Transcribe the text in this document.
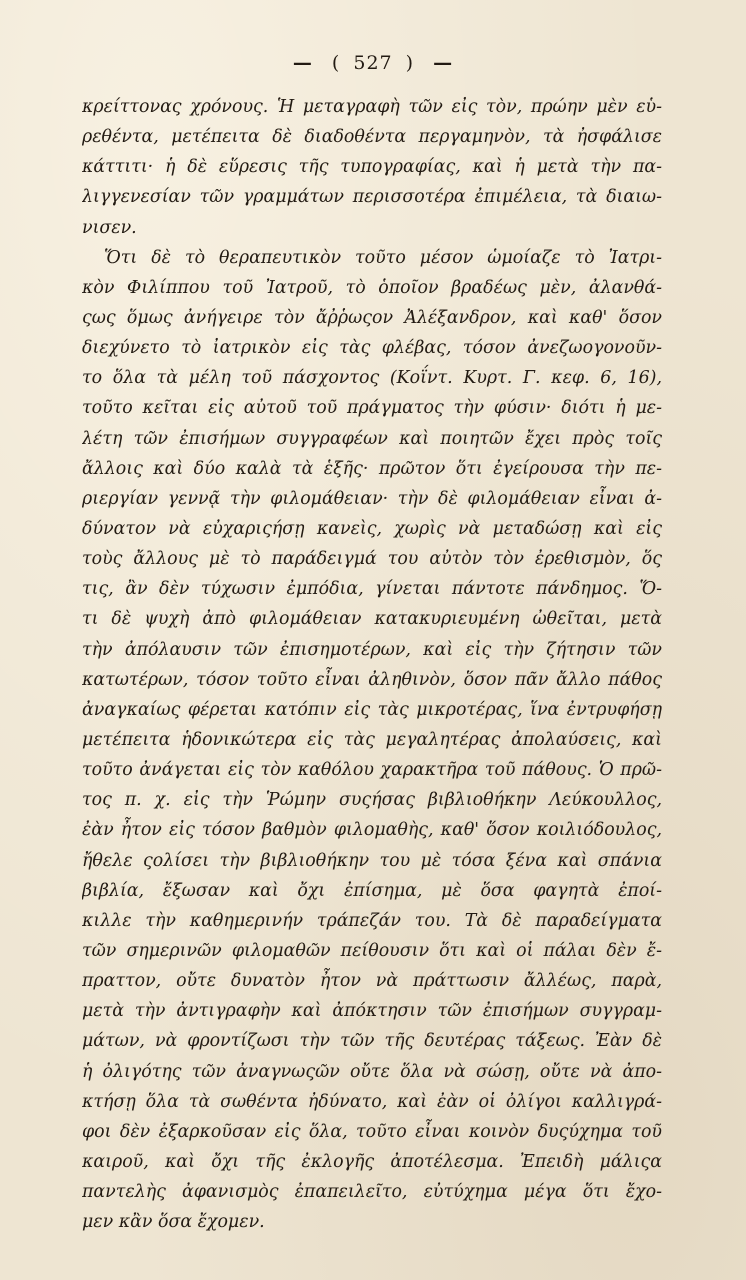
— ( 527 ) —
κρείττονας χρόνους. Ἡ μεταγραφὴ τῶν εἰς τὸν, πρώην μὲν εὑ-
ρεθέντα, μετέπειτα δὲ διαδοθέντα περγαμηνὸν, τὰ ἠσφάλισε
κάττιτι· ἡ δὲ εὕρεσις τῆς τυπογραφίας, καὶ ἡ μετὰ τὴν πα-
λιγγενεσίαν τῶν γραμμάτων περισσοτέρα ἐπιμέλεια, τὰ διαιω-
νισεν.
Ὅτι δὲ τὸ θεραπευτικὸν τοῦτο μέσον ὡμοίαζε τὸ Ἰατρι-
κὸν Φιλίππου τοῦ Ἰατροῦ, τὸ ὁποῖον βραδέως μὲν, ἀλανθά-
ςως ὅμως ἀνήγειρε τὸν ἄῤῥωςον Ἀλέξανδρον, καὶ καθ' ὅσον
διεχύνετο τὸ ἰατρικὸν εἰς τὰς φλέβας, τόσον ἀνεζωογονοῦν-
το ὅλα τὰ μέλη τοῦ πάσχοντος (Κοΐντ. Κυρτ. Γ. κεφ. 6, 16),
τοῦτο κεῖται εἰς αὐτοῦ τοῦ πράγματος τὴν φύσιν· διότι ἡ με-
λέτη τῶν ἐπισήμων συγγραφέων καὶ ποιητῶν ἔχει πρὸς τοῖς
ἄλλοις καὶ δύο καλὰ τὰ ἑξῆς· πρῶτον ὅτι ἐγείρουσα τὴν πε-
ριεργίαν γεννᾷ τὴν φιλομάθειαν· τὴν δὲ φιλομάθειαν εἶναι ἀ-
δύνατον νὰ εὐχαριςήσῃ κανεὶς, χωρὶς νὰ μεταδώσῃ καὶ εἰς
τοὺς ἄλλους μὲ τὸ παράδειγμά του αὐτὸν τὸν ἐρεθισμὸν, ὅς
τις, ἂν δὲν τύχωσιν ἐμπόδια, γίνεται πάντοτε πάνδημος. Ὅ-
τι δὲ ψυχὴ ἀπὸ φιλομάθειαν κατακυριευμένη ὠθεῖται, μετὰ
τὴν ἀπόλαυσιν τῶν ἐπισημοτέρων, καὶ εἰς τὴν ζήτησιν τῶν
κατωτέρων, τόσον τοῦτο εἶναι ἀληθινὸν, ὅσον πᾶν ἄλλο πάθος
ἀναγκαίως φέρεται κατόπιν εἰς τὰς μικροτέρας, ἵνα ἐντρυφήσῃ
μετέπειτα ἡδονικώτερα εἰς τὰς μεγαλητέρας ἀπολαύσεις, καὶ
τοῦτο ἀνάγεται εἰς τὸν καθόλου χαρακτῆρα τοῦ πάθους. Ὁ πρῶ-
τος π. χ. εἰς τὴν Ῥώμην συςήσας βιβλιοθήκην Λεύκουλλος,
ἐὰν ἦτον εἰς τόσον βαθμὸν φιλομαθὴς, καθ' ὅσον κοιλιόδουλος,
ἤθελε ςολίσει τὴν βιβλιοθήκην του μὲ τόσα ξένα καὶ σπάνια
βιβλία, ἔξωσαν καὶ ὄχι ἐπίσημα, μὲ ὅσα φαγητὰ ἐποί-
κιλλε τὴν καθημερινήν τράπεζάν του. Τὰ δὲ παραδείγματα
τῶν σημερινῶν φιλομαθῶν πείθουσιν ὅτι καὶ οἱ πάλαι δὲν ἔ-
πραττον, οὔτε δυνατὸν ἦτον νὰ πράττωσιν ἄλλέως, παρὰ,
μετὰ τὴν ἀντιγραφὴν καὶ ἀπόκτησιν τῶν ἐπισήμων συγγραμ-
μάτων, νὰ φροντίζωσι τὴν τῶν τῆς δευτέρας τάξεως. Ἐὰν δὲ
ἡ ὀλιγότης τῶν ἀναγνωςῶν οὔτε ὅλα νὰ σώσῃ, οὔτε νὰ ἀπο-
κτήσῃ ὅλα τὰ σωθέντα ἠδύνατο, καὶ ἐὰν οἱ ὀλίγοι καλλιγρά-
φοι δὲν ἐξαρκοῦσαν εἰς ὅλα, τοῦτο εἶναι κοινὸν δυςύχημα τοῦ
καιροῦ, καὶ ὄχι τῆς ἐκλογῆς ἀποτέλεσμα. Ἐπειδὴ μάλιςα
παντελὴς ἀφανισμὸς ἐπαπειλεῖτο, εὐτύχημα μέγα ὅτι ἔχο-
μεν κἂν ὅσα ἔχομεν.
